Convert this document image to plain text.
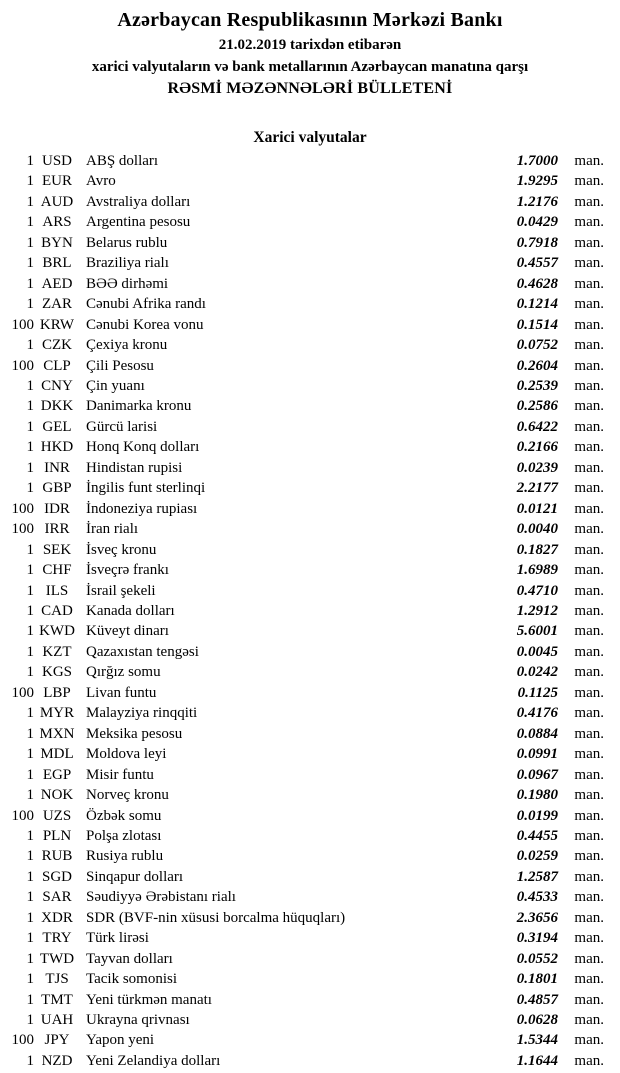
Azərbaycan Respublikasının Mərkəzi Bankı
21.02.2019 tarixdən etibarən
xarici valyutaların və bank metallarının Azərbaycan manatına qarşı
RƏSMİ MƏZƏNNƏLƏRİ BÜLLETENİ
Xarici valyutalar
1 USD ABŞ dolları	1.7000	man.
1 EUR Avro	1.9295	man.
1 AUD Avstraliya dolları	1.2176	man.
1 ARS Argentina pesosu	0.0429	man.
1 BYN Belarus rublu	0.7918	man.
1 BRL Braziliya rialı	0.4557	man.
1 AED BƏƏ dirhəmi	0.4628	man.
1 ZAR Cənubi Afrika randı	0.1214	man.
100 KRW Cənubi Korea vonu	0.1514	man.
1 CZK Çexiya kronu	0.0752	man.
100 CLP	Çili Pesosu	0.2604	man.
1 CNY Çin yuanı	0.2539	man.
1 DKK Danimarka kronu	0.2586	man.
1 GEL Gürcü larisi	0.6422	man.
1 HKD Honq Konq dolları	0.2166	man.
1 INR	Hindistan rupisi	0.0239	man.
1 GBP İngilis funt sterlinqi	2.2177	man.
100 IDR	İndoneziya rupiası	0.0121	man.
100 IRR	İran rialı	0.0040	man.
1 SEK İsveç kronu	0.1827	man.
1 CHF İsveçrə frankı	1.6989	man.
1 ILS	İsrail şekeli	0.4710	man.
1 CAD Kanada dolları	1.2912	man.
1 KWD Küveyt dinarı	5.6001	man.
1 KZT Qazaxıstan tengəsi	0.0045	man.
1 KGS Qırğız somu	0.0242	man.
100 LBP	Livan funtu	0.1125	man.
1 MYR Malayziya rinqqiti	0.4176	man.
1 MXN Meksika pesosu	0.0884	man.
1 MDL Moldova leyi	0.0991	man.
1 EGP Misir funtu	0.0967	man.
1 NOK Norveç kronu	0.1980	man.
100 UZS Özbək somu	0.0199	man.
1 PLN Polşa zlotası	0.4455	man.
1 RUB Rusiya rublu	0.0259	man.
1 SGD Sinqapur dolları	1.2587	man.
1 SAR Səudiyyə Ərəbistanı rialı	0.4533	man.
1 XDR SDR (BVF-nin xüsusi borcalma hüquqları)	2.3656	man.
1 TRY Türk lirəsi	0.3194	man.
1 TWD Tayvan dolları	0.0552	man.
1 TJS	Tacik somonisi	0.1801	man.
1 TMT Yeni türkmən manatı	0.4857	man.
1 UAH Ukrayna qrivnası	0.0628	man.
100 JPY	Yapon yeni	1.5344	man.
1 NZD Yeni Zelandiya dolları	1.1644	man.
